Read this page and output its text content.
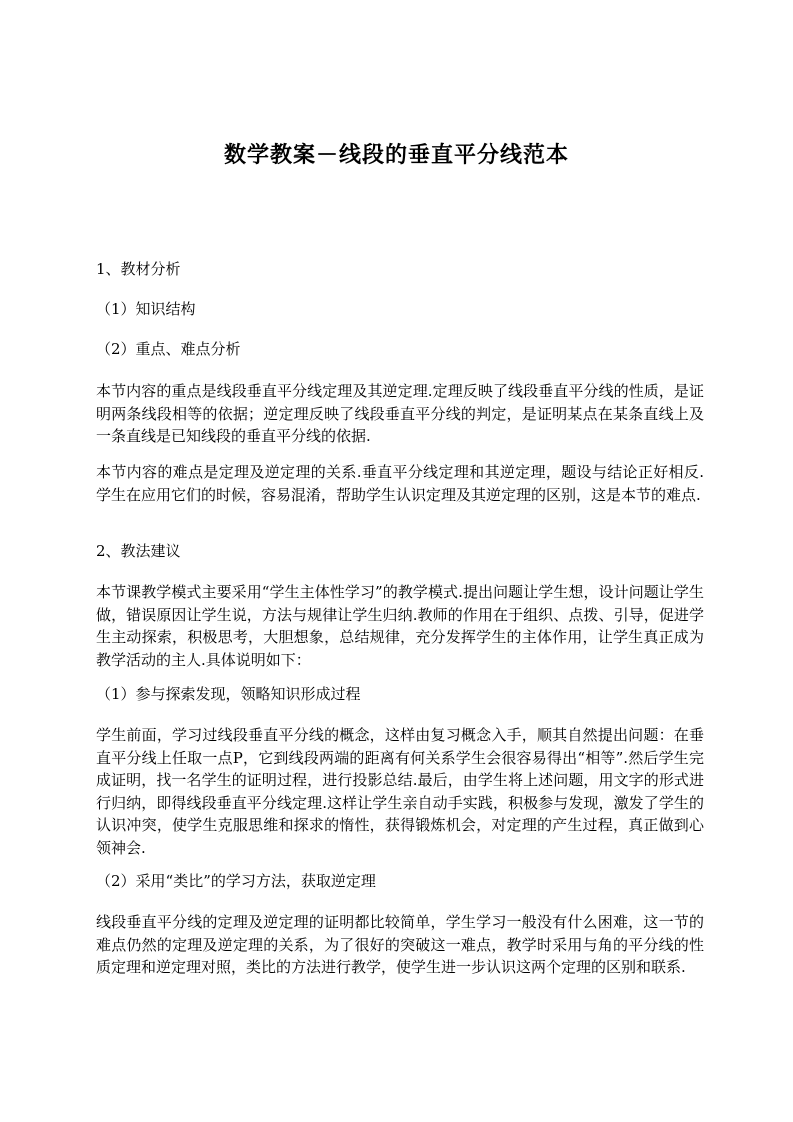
数学教案－线段的垂直平分线范本

1、教材分析

（1）知识结构

（2）重点、难点分析

本节内容的重点是线段垂直平分线定理及其逆定理.定理反映了线段垂直平分线的性质，是证明两条线段相等的依据；逆定理反映了线段垂直平分线的判定，是证明某点在某条直线上及一条直线是已知线段的垂直平分线的依据.

本节内容的难点是定理及逆定理的关系.垂直平分线定理和其逆定理，题设与结论正好相反.学生在应用它们的时候，容易混淆，帮助学生认识定理及其逆定理的区别，这是本节的难点.

2、教法建议

本节课教学模式主要采用“学生主体性学习”的教学模式.提出问题让学生想，设计问题让学生做，错误原因让学生说，方法与规律让学生归纳.教师的作用在于组织、点拨、引导，促进学生主动探索，积极思考，大胆想象，总结规律，充分发挥学生的主体作用，让学生真正成为教学活动的主人.具体说明如下：

（1）参与探索发现，领略知识形成过程

学生前面，学习过线段垂直平分线的概念，这样由复习概念入手，顺其自然提出问题：在垂直平分线上任取一点P，它到线段两端的距离有何关系学生会很容易得出“相等”.然后学生完成证明，找一名学生的证明过程，进行投影总结.最后，由学生将上述问题，用文字的形式进行归纳，即得线段垂直平分线定理.这样让学生亲自动手实践，积极参与发现，激发了学生的认识冲突，使学生克服思维和探求的惰性，获得锻炼机会，对定理的产生过程，真正做到心领神会.

（2）采用“类比”的学习方法，获取逆定理

线段垂直平分线的定理及逆定理的证明都比较简单，学生学习一般没有什么困难，这一节的难点仍然的定理及逆定理的关系，为了很好的突破这一难点，教学时采用与角的平分线的性质定理和逆定理对照，类比的方法进行教学，使学生进一步认识这两个定理的区别和联系.
